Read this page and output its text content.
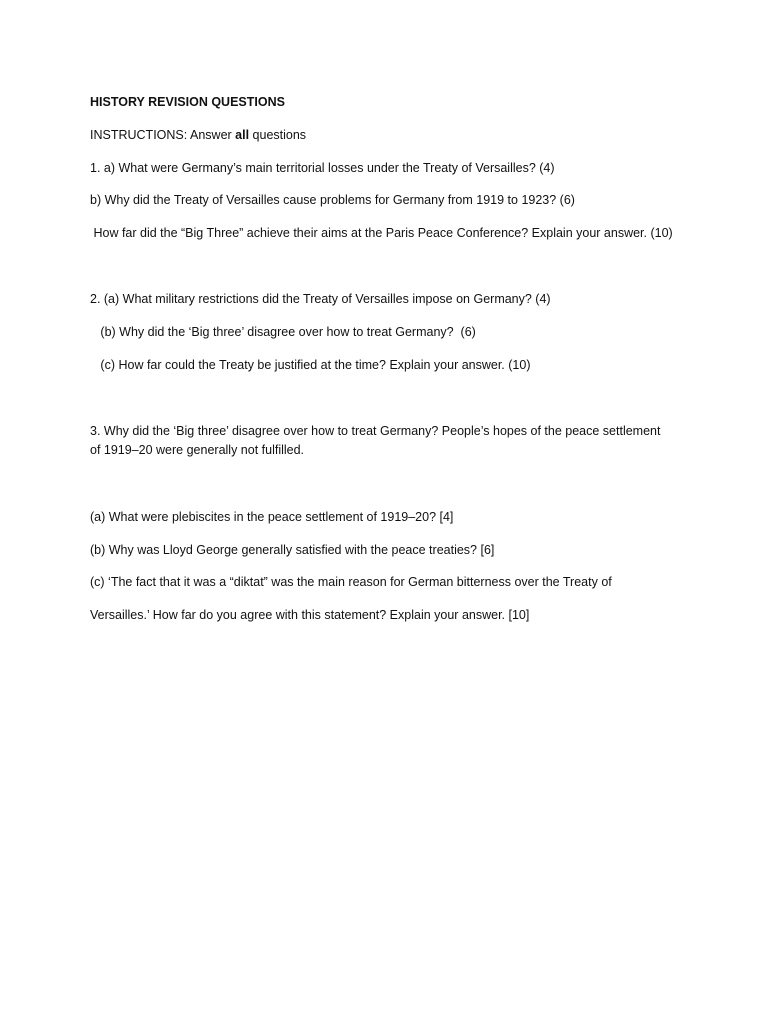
HISTORY REVISION QUESTIONS
INSTRUCTIONS: Answer all questions
1. a) What were Germany’s main territorial losses under the Treaty of Versailles? (4)
b) Why did the Treaty of Versailles cause problems for Germany from 1919 to 1923? (6)
How far did the “Big Three” achieve their aims at the Paris Peace Conference? Explain your answer. (10)
2. (a) What military restrictions did the Treaty of Versailles impose on Germany? (4)
(b) Why did the ‘Big three’ disagree over how to treat Germany?  (6)
(c) How far could the Treaty be justified at the time? Explain your answer. (10)
3. Why did the ‘Big three’ disagree over how to treat Germany? People’s hopes of the peace settlement
of 1919–20 were generally not fulfilled.
(a) What were plebiscites in the peace settlement of 1919–20? [4]
(b) Why was Lloyd George generally satisfied with the peace treaties? [6]
(c) ‘The fact that it was a “diktat” was the main reason for German bitterness over the Treaty of
Versailles.’ How far do you agree with this statement? Explain your answer. [10]
